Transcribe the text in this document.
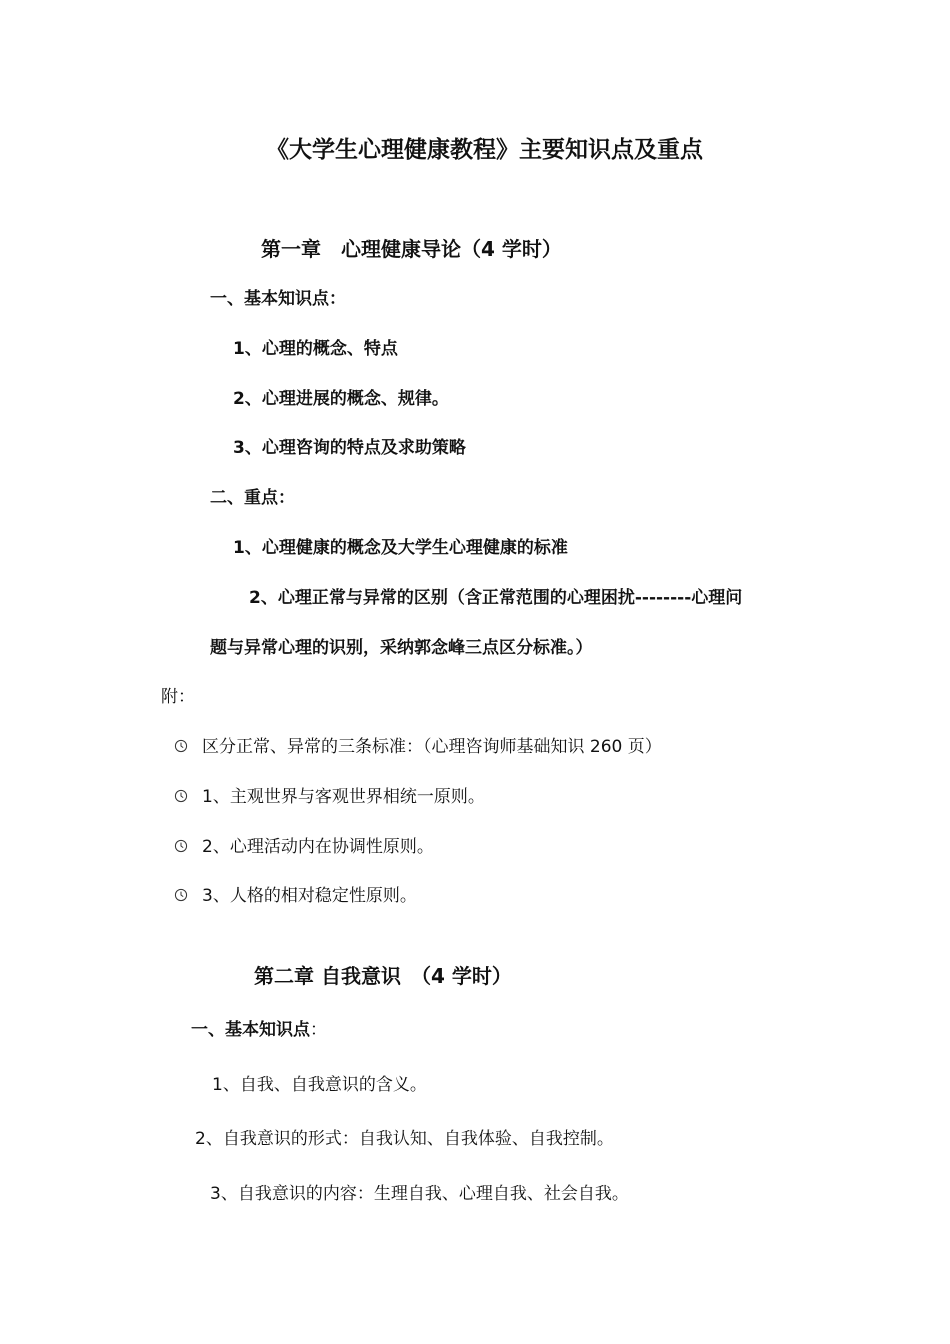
《大学生心理健康教程》主要知识点及重点
第一章　心理健康导论（4 学时）
一、基本知识点：
1、心理的概念、特点
2、心理进展的概念、规律。
3、心理咨询的特点及求助策略
二、重点：
1、心理健康的概念及大学生心理健康的标准
2、心理正常与异常的区别（含正常范围的心理困扰--------心理问
题与异常心理的识别，采纳郭念峰三点区分标准。）
附：
区分正常、异常的三条标准：（心理咨询师基础知识 260 页）
1、主观世界与客观世界相统一原则。
2、心理活动内在协调性原则。
3、人格的相对稳定性原则。
第二章 自我意识　（4 学时）
一、基本知识点：
1、自我、自我意识的含义。
2、自我意识的形式：自我认知、自我体验、自我控制。
3、自我意识的内容：生理自我、心理自我、社会自我。
